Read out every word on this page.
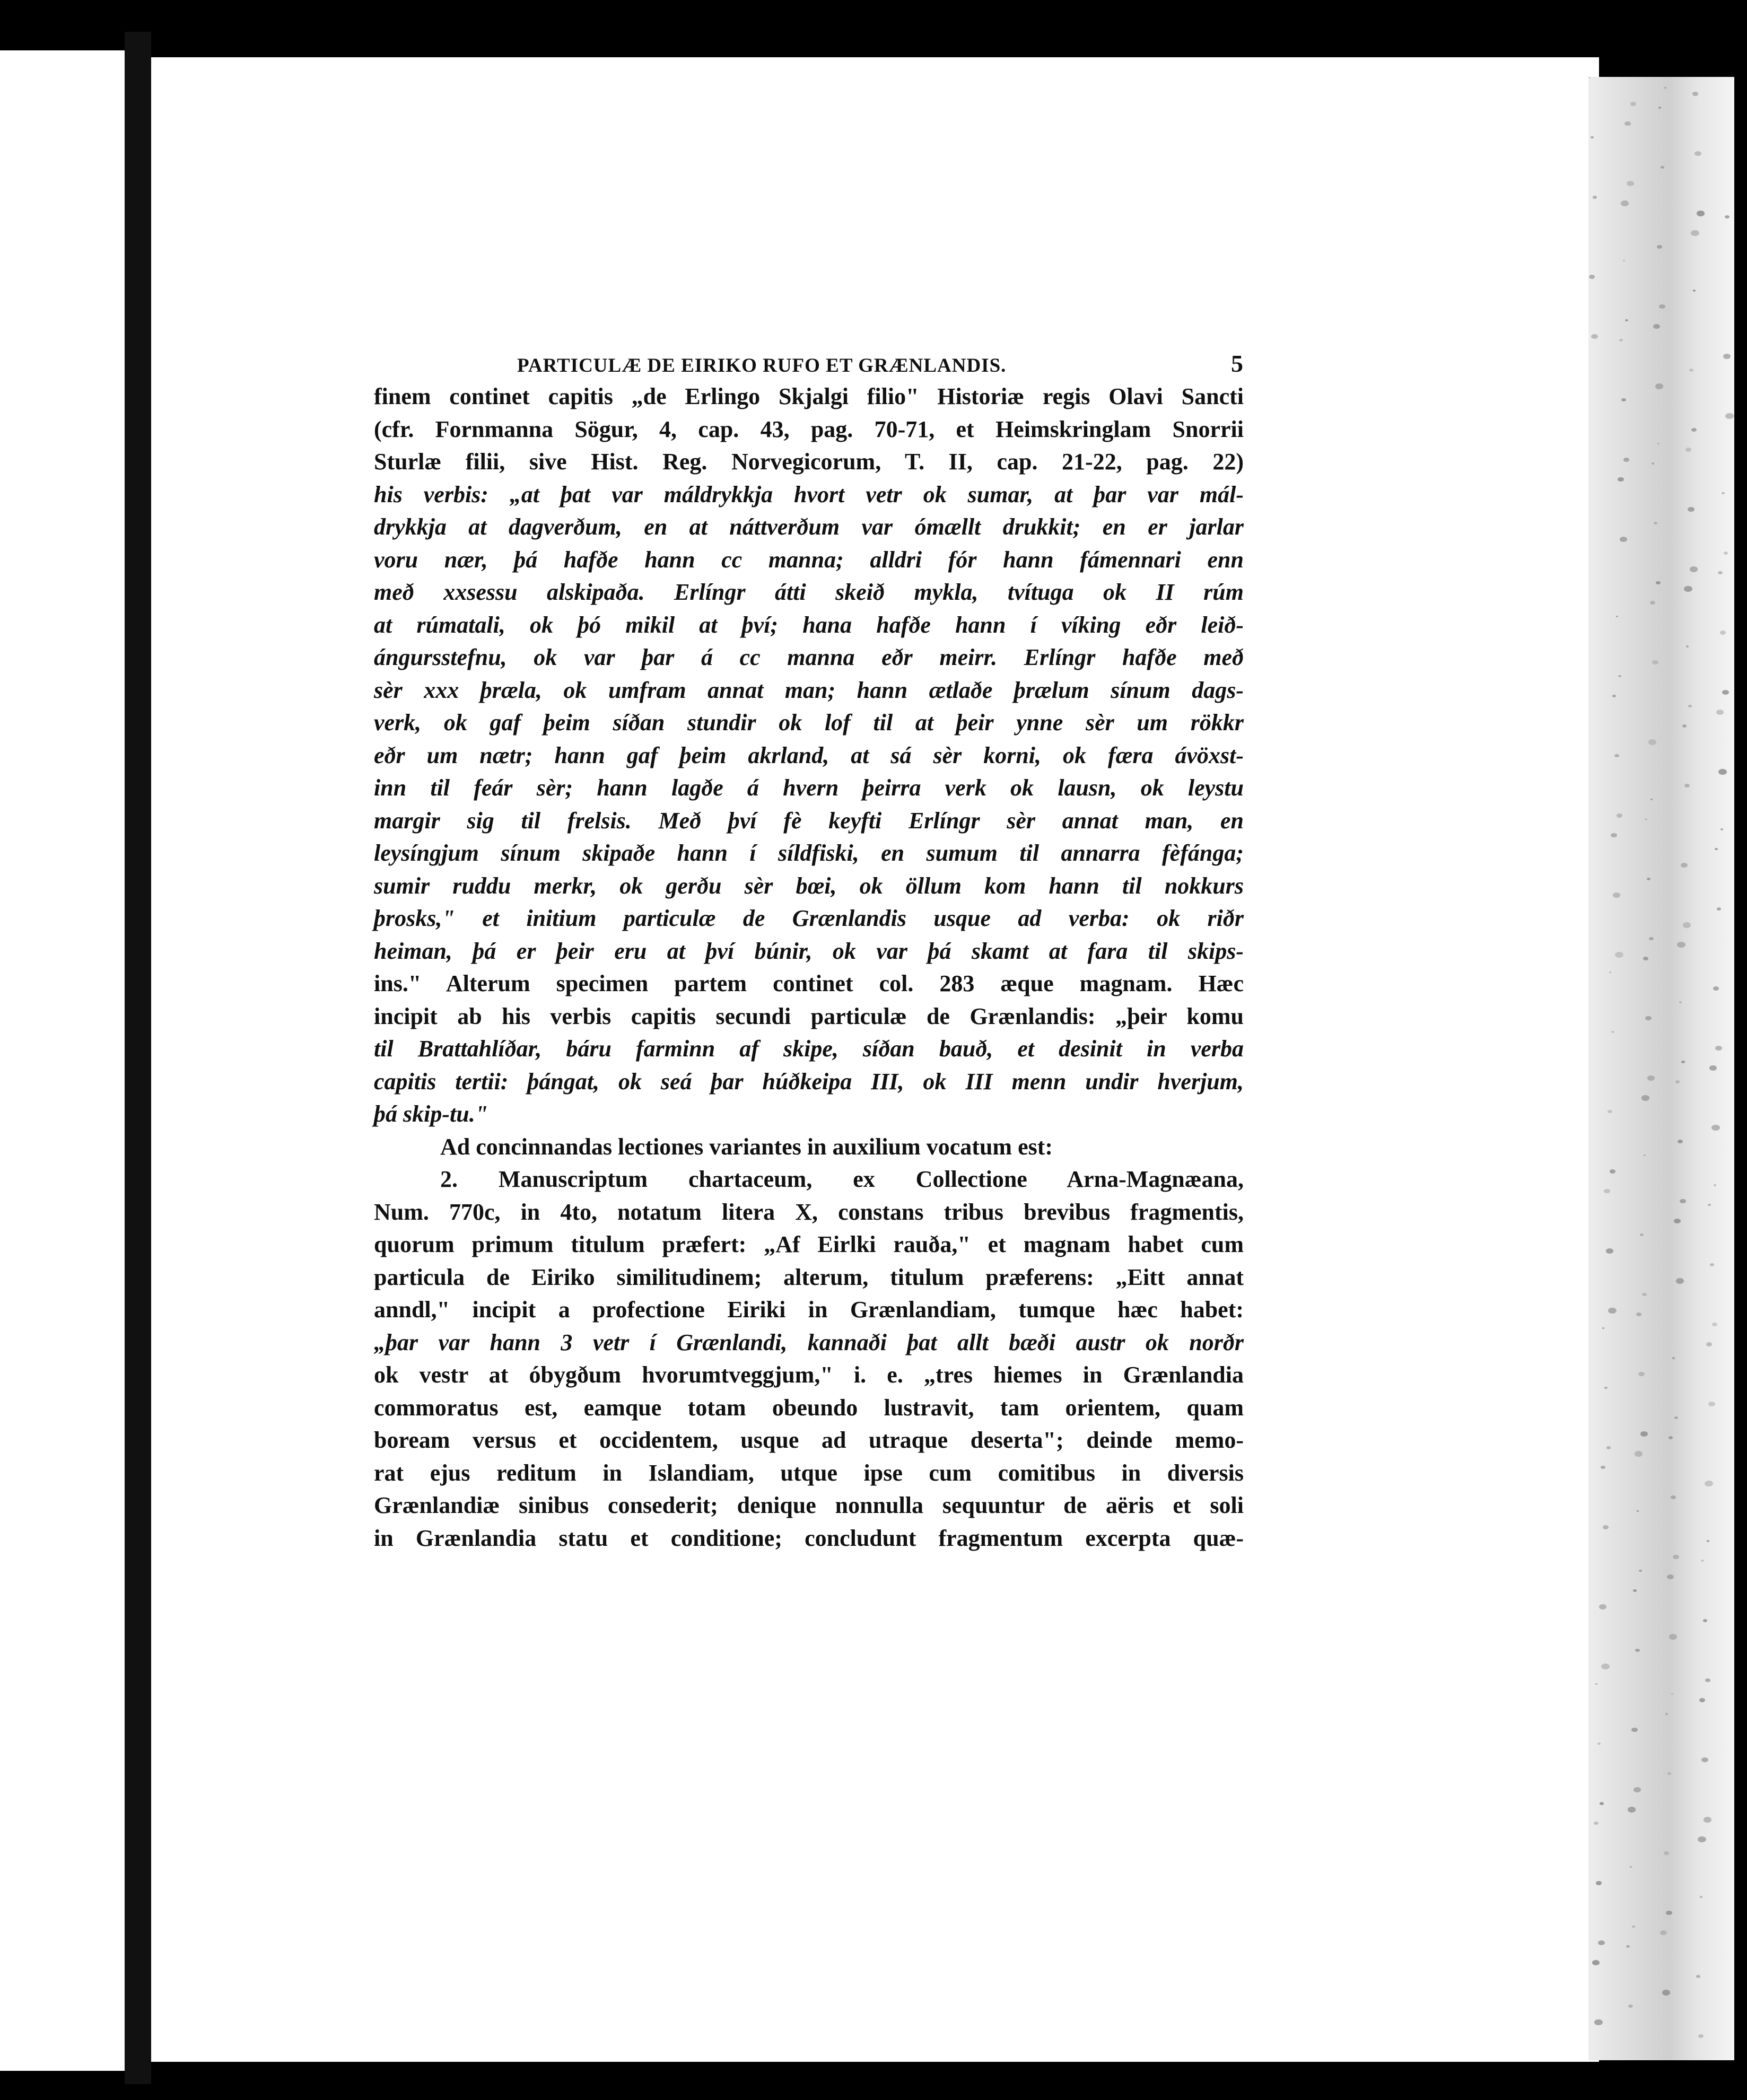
PARTICULÆ DE EIRIKO RUFO ET GRÆNLANDIS.	5
finem continet capitis „de Erlingo Skjalgi filio" Historiæ regis Olavi Sancti
(cfr. Fornmanna Sögur, 4, cap. 43, pag. 70-71, et Heimskringlam Snorrii
Sturlæ filii, sive Hist. Reg. Norvegicorum, T. II, cap. 21-22, pag. 22)
his verbis: „at þat var máldrykkja hvort vetr ok sumar, at þar var mál-
drykkja at dagverðum, en at náttverðum var ómællt drukkit; en er jarlar
voru nær, þá hafðe hann cc manna; alldri fór hann fámennari enn
með xxsessu alskipaða. Erlíngr átti skeið mykla, tvítuga ok II rúm
at rúmatali, ok þó mikil at því; hana hafðe hann í víking eðr leið-
ángursstefnu, ok var þar á cc manna eðr meirr. Erlíngr hafðe með
sèr xxx þræla, ok umfram annat man; hann ætlaðe þrælum sínum dags-
verk, ok gaf þeim síðan stundir ok lof til at þeir ynne sèr um rökkr
eðr um nætr; hann gaf þeim akrland, at sá sèr korni, ok færa ávöxst-
inn til feár sèr; hann lagðe á hvern þeirra verk ok lausn, ok leystu
margir sig til frelsis. Með því fè keyfti Erlíngr sèr annat man, en
leysíngjum sínum skipaðe hann í síldfiski, en sumum til annarra fèfánga;
sumir ruddu merkr, ok gerðu sèr bœi, ok öllum kom hann til nokkurs
þrosks," et initium particulæ de Grænlandis usque ad verba: ok riðr
heiman, þá er þeir eru at því búnir, ok var þá skamt at fara til skips-
ins." Alterum specimen partem continet col. 283 æque magnam. Hæc
incipit ab his verbis capitis secundi particulæ de Grænlandis: „þeir komu
til Brattahlíðar, báru farminn af skipe, síðan bauð, et desinit in verba
capitis tertii: þángat, ok seá þar húðkeipa III, ok III menn undir hverjum,
þá skip-tu."
Ad concinnandas lectiones variantes in auxilium vocatum est:
2. Manuscriptum chartaceum, ex Collectione Arna-Magnæana,
Num. 770c, in 4to, notatum litera X, constans tribus brevibus fragmentis,
quorum primum titulum præfert: „Af Eirlki rauða," et magnam habet cum
particula de Eiriko similitudinem; alterum, titulum præferens: „Eitt annat
anndl," incipit a profectione Eiriki in Grænlandiam, tumque hæc habet:
„þar var hann 3 vetr í Grænlandi, kannaði þat allt bæði austr ok norðr
ok vestr at óbygðum hvorumtveggjum," i. e. „tres hiemes in Grænlandia
commoratus est, eamque totam obeundo lustravit, tam orientem, quam
boream versus et occidentem, usque ad utraque deserta"; deinde memo-
rat ejus reditum in Islandiam, utque ipse cum comitibus in diversis
Grænlandiæ sinibus consederit; denique nonnulla sequuntur de aëris et soli
in Grænlandia statu et conditione; concludunt fragmentum excerpta quæ-
